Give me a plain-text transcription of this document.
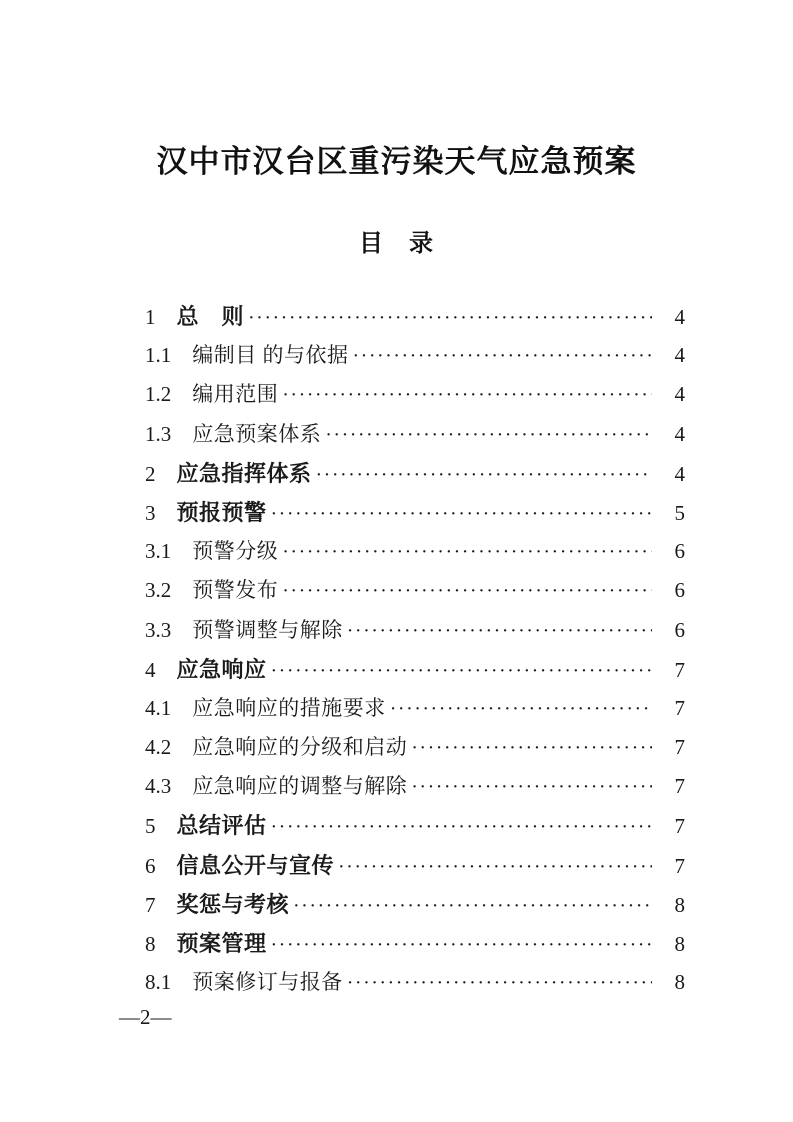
汉中市汉台区重污染天气应急预案
目　录
1 总　则 ·····	4
1.1 编制目 的与依据 ·····	4
1.2 编用范围 ·····	4
1.3 应急预案体系 ·····	4
2 应急指挥体系 ·····	4
3 预报预警 ·····	5
3.1 预警分级 ·····	6
3.2 预警发布 ·····	6
3.3 预警调整与解除 ·····	6
4 应急响应 ·····	7
4.1 应急响应的措施要求 ·····	7
4.2 应急响应的分级和启动 ·····	7
4.3 应急响应的调整与解除 ·····	7
5 总结评估 ·····	7
6 信息公开与宣传 ·····	7
7 奖惩与考核 ·····	8
8 预案管理 ·····	8
8.1 预案修订与报备 ·····	8
—2—
